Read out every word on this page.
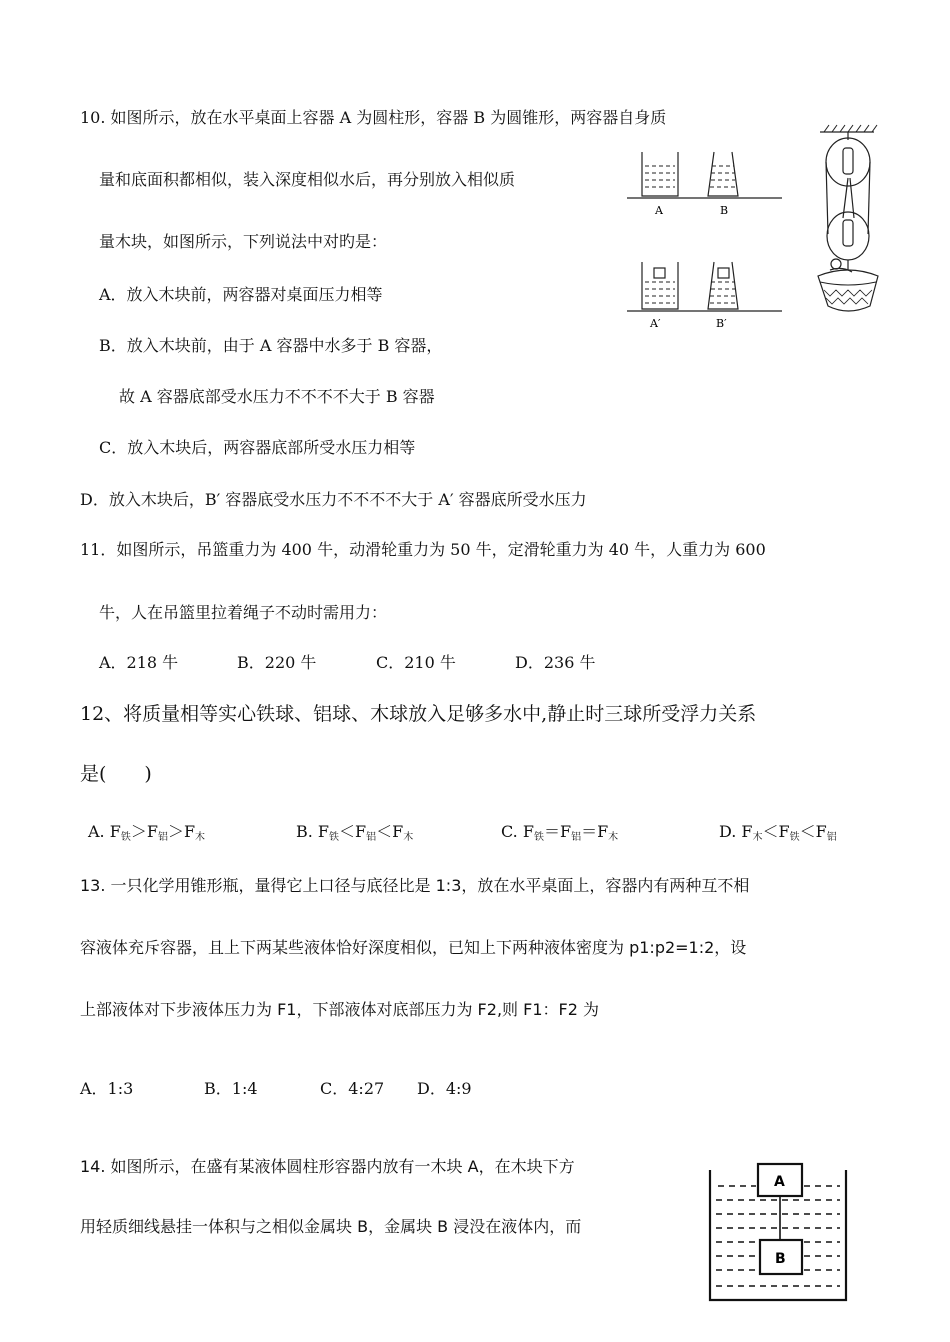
10. 如图所示，放在水平桌面上容器 A 为圆柱形，容器 B 为圆锥形，两容器自身质
量和底面积都相似，装入深度相似水后，再分别放入相似质
量木块，如图所示，下列说法中对旳是：
A．放入木块前，两容器对桌面压力相等
B．放入木块前，由于 A 容器中水多于 B 容器，
故 A 容器底部受水压力不不不不大于 B 容器
C．放入木块后，两容器底部所受水压力相等
D．放入木块后，B′ 容器底受水压力不不不不大于 A′ 容器底所受水压力
A	B
A′	B′
11．如图所示，吊篮重力为 400 牛，动滑轮重力为 50 牛，定滑轮重力为 40 牛，人重力为 600
牛，人在吊篮里拉着绳子不动时需用力：
A．218 牛	B．220 牛	C．210 牛	D．236 牛
12、将质量相等实心铁球、铝球、木球放入足够多水中,静止时三球所受浮力关系
是(　　)
A. $F_铁>F_铝>F_木$	B. $F_铁<F_铝<F_木$	C. $F_铁=F_铝=F_木$	D. $F_木<F_铁<F_铝$
13. 一只化学用锥形瓶，量得它上口径与底径比是 1:3，放在水平桌面上，容器内有两种互不相
容液体充斥容器，且上下两某些液体恰好深度相似，已知上下两种液体密度为 p1:p2=1:2，设
上部液体对下步液体压力为 F1，下部液体对底部压力为 F2,则 F1：F2 为
A．1:3	B．1:4	C．4:27 D．4:9
14. 如图所示，在盛有某液体圆柱形容器内放有一木块 A，在木块下方
用轻质细线悬挂一体积与之相似金属块 B，金属块 B 浸没在液体内，而
A
B
